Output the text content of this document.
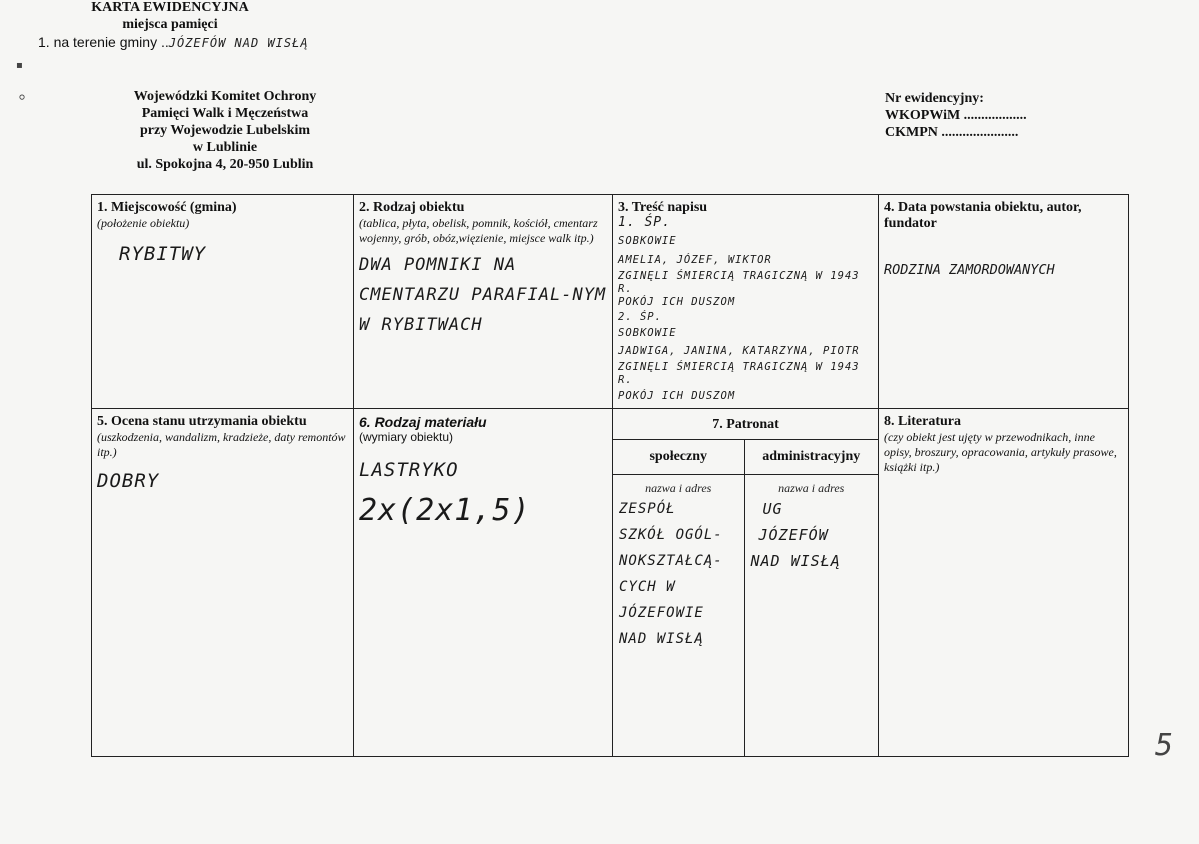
Wojewódzki Komitet Ochrony
Pamięci Walk i Męczeństwa
przy Wojewodzie Lubelskim
w Lublinie
ul. Spokojna 4, 20-950 Lublin
Nr ewidencyjny:
WKOPWiM ..................
CKMPN ......................
KARTA EWIDENCYJNA
miejsca pamięci
1. na terenie gminy ..JÓZEFÓW NAD WISŁĄ
1. Miejscowość (gmina)
(położenie obiektu)
RYBITWY

2. Rodzaj obiektu
(tablica, płyta, obelisk, pomnik, kościół, cmentarz wojenny, grób, obóz,więzienie, miejsce walk itp.)
DWA POMNIKI NA CMENTARZU PARAFIAL-NYM W RYBITWACH

3. Treść napisu
1. ŚP.
SOBKOWIE
AMELIA, JÓZEF, WIKTOR
ZGINĘLI ŚMIERCIĄ TRAGICZNĄ W 1943 R.
POKÓJ ICH DUSZOM
2. ŚP.
SOBKOWIE
JADWIGA, JANINA, KATARZYNA, PIOTR
ZGINĘLI ŚMIERCIĄ TRAGICZNĄ W 1943 R.
POKÓJ ICH DUSZOM

4. Data powstania obiektu, autor, fundator
RODZINA ZAMORDOWANYCH

5. Ocena stanu utrzymania obiektu
(uszkodzenia, wandalizm, kradzieże, daty remontów itp.)
DOBRY

6. Rodzaj materiału
(wymiary obiektu)
LASTRYKO
2x(2x1,5)

7. Patronat
społeczny	administracyjny

nazwa i adres
ZESPÓŁ
SZKÓŁ OGÓL-
NOKSZTAŁCĄ-
CYCH W
JÓZEFOWIE
NAD WISŁĄ

nazwa i adres
UG
JÓZEFÓW
NAD WISŁĄ

8. Literatura
(czy obiekt jest ujęty w przewodnikach, inne opisy, broszury, opracowania, artykuły prasowe, książki itp.)
▪
⸰
5
